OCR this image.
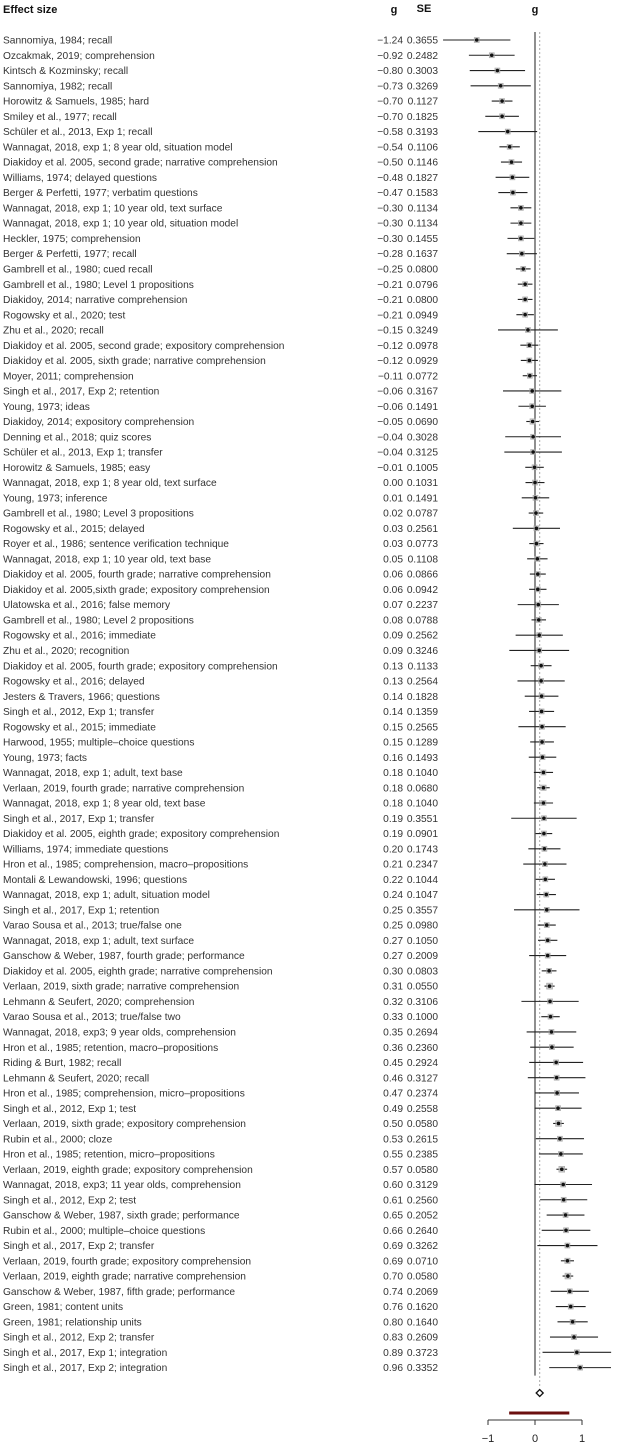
Effect size	g SE	g
Sannomiya, 1984; recall	−1.24 0.3655
Ozcakmak, 2019; comprehension	−0.92 0.2482
Kintsch & Kozminsky; recall	−0.80 0.3003
Sannomiya, 1982; recall	−0.73 0.3269
Horowitz & Samuels, 1985; hard	−0.70 0.1127
Smiley et al., 1977; recall	−0.70 0.1825
Schüler et al., 2013, Exp 1; recall	−0.58 0.3193
Wannagat, 2018, exp 1; 8 year old, situation model	−0.54 0.1106
Diakidoy et al. 2005, second grade; narrative comprehension	−0.50 0.1146
Williams, 1974; delayed questions	−0.48 0.1827
Berger & Perfetti, 1977; verbatim questions	−0.47 0.1583
Wannagat, 2018, exp 1; 10 year old, text surface	−0.30 0.1134
Wannagat, 2018, exp 1; 10 year old, situation model	−0.30 0.1134
Heckler, 1975; comprehension	−0.30 0.1455
Berger & Perfetti, 1977; recall	−0.28 0.1637
Gambrell et al., 1980; cued recall	−0.25 0.0800
Gambrell et al., 1980; Level 1 propositions	−0.21 0.0796
Diakidoy, 2014; narrative comprehension	−0.21 0.0800
Rogowsky et al., 2020; test	−0.21 0.0949
Zhu et al., 2020; recall	−0.15 0.3249
Diakidoy et al. 2005, second grade; expository comprehension	−0.12 0.0978
Diakidoy et al. 2005, sixth grade; narrative comprehension	−0.12 0.0929
Moyer, 2011; comprehension	−0.11 0.0772
Singh et al., 2017, Exp 2; retention	−0.06 0.3167
Young, 1973; ideas	−0.06 0.1491
Diakidoy, 2014; expository comprehension	−0.05 0.0690
Denning et al., 2018; quiz scores	−0.04 0.3028
Schüler et al., 2013, Exp 1; transfer	−0.04 0.3125
Horowitz & Samuels, 1985; easy	−0.01 0.1005
Wannagat, 2018, exp 1; 8 year old, text surface	0.00 0.1031
Young, 1973; inference	0.01 0.1491
Gambrell et al., 1980; Level 3 propositions	0.02 0.0787
Rogowsky et al., 2015; delayed	0.03 0.2561
Royer et al., 1986; sentence verification technique	0.03 0.0773
Wannagat, 2018, exp 1; 10 year old, text base	0.05 0.1108
Diakidoy et al. 2005, fourth grade; narrative comprehension	0.06 0.0866
Diakidoy et al. 2005,sixth grade; expository comprehension	0.06 0.0942
Ulatowska et al., 2016; false memory	0.07 0.2237
Gambrell et al., 1980; Level 2 propositions	0.08 0.0788
Rogowsky et al., 2016; immediate	0.09 0.2562
Zhu et al., 2020; recognition	0.09 0.3246
Diakidoy et al. 2005, fourth grade; expository comprehension	0.13 0.1133
Rogowsky et al., 2016; delayed	0.13 0.2564
Jesters & Travers, 1966; questions	0.14 0.1828
Singh et al., 2012, Exp 1; transfer	0.14 0.1359
Rogowsky et al., 2015; immediate	0.15 0.2565
Harwood, 1955; multiple–choice questions	0.15 0.1289
Young, 1973; facts	0.16 0.1493
Wannagat, 2018, exp 1; adult, text base	0.18 0.1040
Verlaan, 2019, fourth grade; narrative comprehension	0.18 0.0680
Wannagat, 2018, exp 1; 8 year old, text base	0.18 0.1040
Singh et al., 2017, Exp 1; transfer	0.19 0.3551
Diakidoy et al. 2005, eighth grade; expository comprehension	0.19 0.0901
Williams, 1974; immediate questions	0.20 0.1743
Hron et al., 1985; comprehension, macro–propositions	0.21 0.2347
Montali & Lewandowski, 1996; questions	0.22 0.1044
Wannagat, 2018, exp 1; adult, situation model	0.24 0.1047
Singh et al., 2017, Exp 1; retention	0.25 0.3557
Varao Sousa et al., 2013; true/false one	0.25 0.0980
Wannagat, 2018, exp 1; adult, text surface	0.27 0.1050
Ganschow & Weber, 1987, fourth grade; performance	0.27 0.2009
Diakidoy et al. 2005, eighth grade; narrative comprehension	0.30 0.0803
Verlaan, 2019, sixth grade; narrative comprehension	0.31 0.0550
Lehmann & Seufert, 2020; comprehension	0.32 0.3106
Varao Sousa et al., 2013; true/false two	0.33 0.1000
Wannagat, 2018, exp3; 9 year olds, comprehension	0.35 0.2694
Hron et al., 1985; retention, macro–propositions	0.36 0.2360
Riding & Burt, 1982; recall	0.45 0.2924
Lehmann & Seufert, 2020; recall	0.46 0.3127
Hron et al., 1985; comprehension, micro–propositions	0.47 0.2374
Singh et al., 2012, Exp 1; test	0.49 0.2558
Verlaan, 2019, sixth grade; expository comprehension	0.50 0.0580
Rubin et al., 2000; cloze	0.53 0.2615
Hron et al., 1985; retention, micro–propositions	0.55 0.2385
Verlaan, 2019, eighth grade; expository comprehension	0.57 0.0580
Wannagat, 2018, exp3; 11 year olds, comprehension	0.60 0.3129
Singh et al., 2012, Exp 2; test	0.61 0.2560
Ganschow & Weber, 1987, sixth grade; performance	0.65 0.2052
Rubin et al., 2000; multiple–choice questions	0.66 0.2640
Singh et al., 2017, Exp 2; transfer	0.69 0.3262
Verlaan, 2019, fourth grade; expository comprehension	0.69 0.0710
Verlaan, 2019, eighth grade; narrative comprehension	0.70 0.0580
Ganschow & Weber, 1987, fifth grade; performance	0.74 0.2069
Green, 1981; content units	0.76 0.1620
Green, 1981; relationship units	0.80 0.1640
Singh et al., 2012, Exp 2; transfer	0.83 0.2609
Singh et al., 2017, Exp 1; integration	0.89 0.3723
Singh et al., 2017, Exp 2; integration	0.96 0.3352
−1	0	1
